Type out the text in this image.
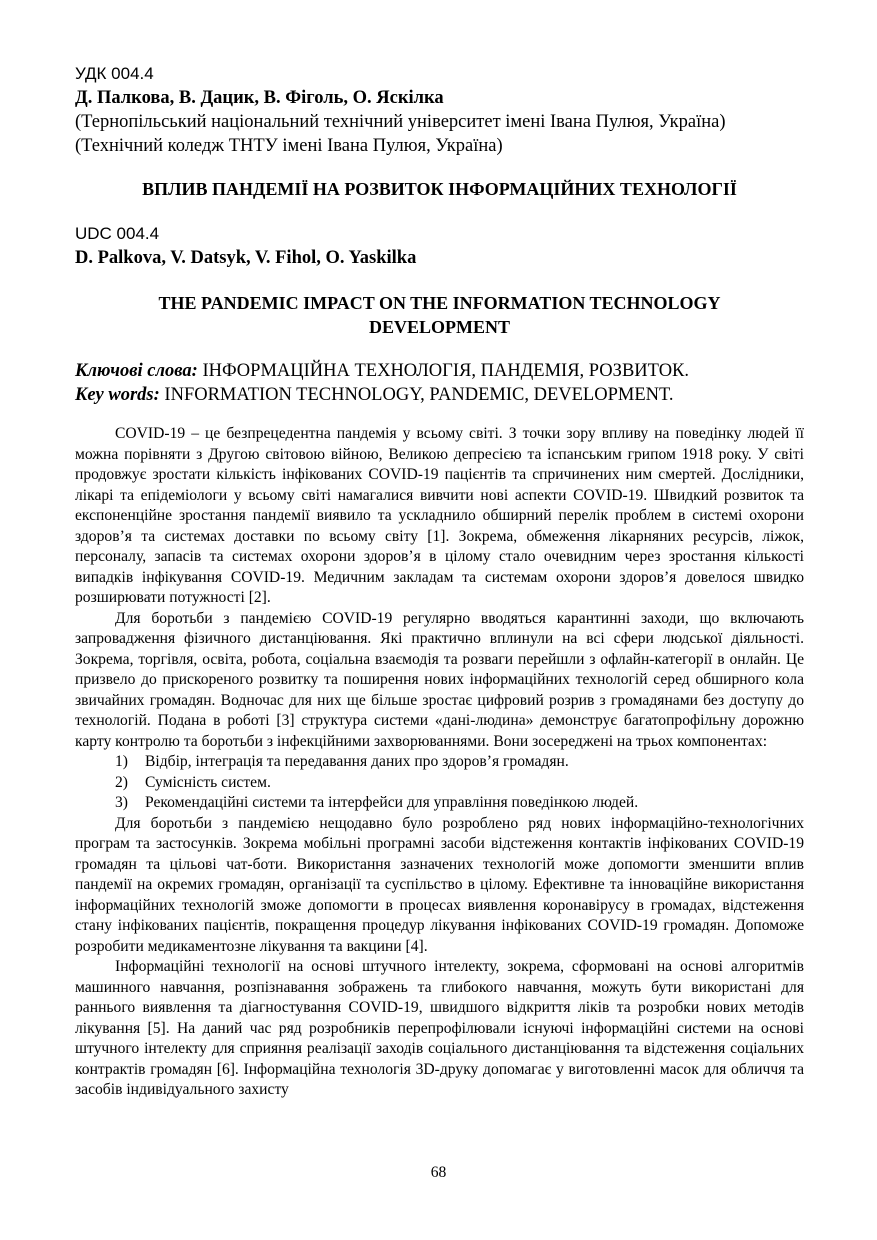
УДК 004.4

Д. Палкова, В. Дацик, В. Фіголь, О. Яскілка

(Тернопільський національний технічний університет імені Івана Пулюя, Україна)

(Технічний коледж ТНТУ імені Івана Пулюя, Україна)

ВПЛИВ ПАНДЕМІЇ НА РОЗВИТОК ІНФОРМАЦІЙНИХ ТЕХНОЛОГІЇ

UDC 004.4

D. Palkova, V. Datsyk, V. Fihol, O. Yaskilka

THE PANDEMIC IMPACT ON THE INFORMATION TECHNOLOGY

DEVELOPMENT

Ключові слова: ІНФОРМАЦІЙНА ТЕХНОЛОГІЯ, ПАНДЕМІЯ, РОЗВИТОК.

Key words: INFORMATION TECHNOLOGY, PANDEMIC, DEVELOPMENT.

COVID-19 – це безпрецедентна пандемія у всьому світі. З точки зору впливу на поведінку людей її можна порівняти з Другою світовою війною, Великою депресією та іспанським грипом 1918 року. У світі продовжує зростати кількість інфікованих COVID-19 пацієнтів та спричинених ним смертей. Дослідники, лікарі та епідеміологи у всьому світі намагалися вивчити нові аспекти COVID-19. Швидкий розвиток та експоненційне зростання пандемії виявило та ускладнило обширний перелік проблем в системі охорони здоров’я та системах доставки по всьому світу [1]. Зокрема, обмеження лікарняних ресурсів, ліжок, персоналу, запасів та системах охорони здоров’я в цілому стало очевидним через зростання кількості випадків інфікування COVID-19. Медичним закладам та системам охорони здоров’я довелося швидко розширювати потужності [2].

Для боротьби з пандемією COVID-19 регулярно вводяться карантинні заходи, що включають запровадження фізичного дистанціювання. Які практично вплинули на всі сфери людської діяльності. Зокрема, торгівля, освіта, робота, соціальна взаємодія та розваги перейшли з офлайн-категорії в онлайн. Це призвело до прискореного розвитку та поширення нових інформаційних технологій серед обширного кола звичайних громадян. Водночас для них ще більше зростає цифровий розрив з громадянами без доступу до технологій. Подана в роботі [3] структура системи «дані-людина» демонструє багатопрофільну дорожню карту контролю та боротьби з інфекційними захворюваннями. Вони зосереджені на трьох компонентах:

1) Відбір, інтеграція та передавання даних про здоров’я громадян.
2) Сумісність систем.
3) Рекомендаційні системи та інтерфейси для управління поведінкою людей.

Для боротьби з пандемією нещодавно було розроблено ряд нових інформаційно-технологічних програм та застосунків. Зокрема мобільні програмні засоби відстеження контактів інфікованих COVID-19 громадян та цільові чат-боти. Використання зазначених технологій може допомогти зменшити вплив пандемії на окремих громадян, організації та суспільство в цілому. Ефективне та інноваційне використання інформаційних технологій зможе допомогти в процесах виявлення коронавірусу в громадах, відстеження стану інфікованих пацієнтів, покращення процедур лікування інфікованих COVID-19 громадян. Допоможе розробити медикаментозне лікування та вакцини [4].

Інформаційні технології на основі штучного інтелекту, зокрема, сформовані на основі алгоритмів машинного навчання, розпізнавання зображень та глибокого навчання, можуть бути використані для раннього виявлення та діагностування COVID-19, швидшого відкриття ліків та розробки нових методів лікування [5]. На даний час ряд розробників перепрофілювали існуючі інформаційні системи на основі штучного інтелекту для сприяння реалізації заходів соціального дистанціювання та відстеження соціальних контрактів громадян [6]. Інформаційна технологія 3D-друку допомагає у виготовленні масок для обличчя та засобів індивідуального захисту

68
